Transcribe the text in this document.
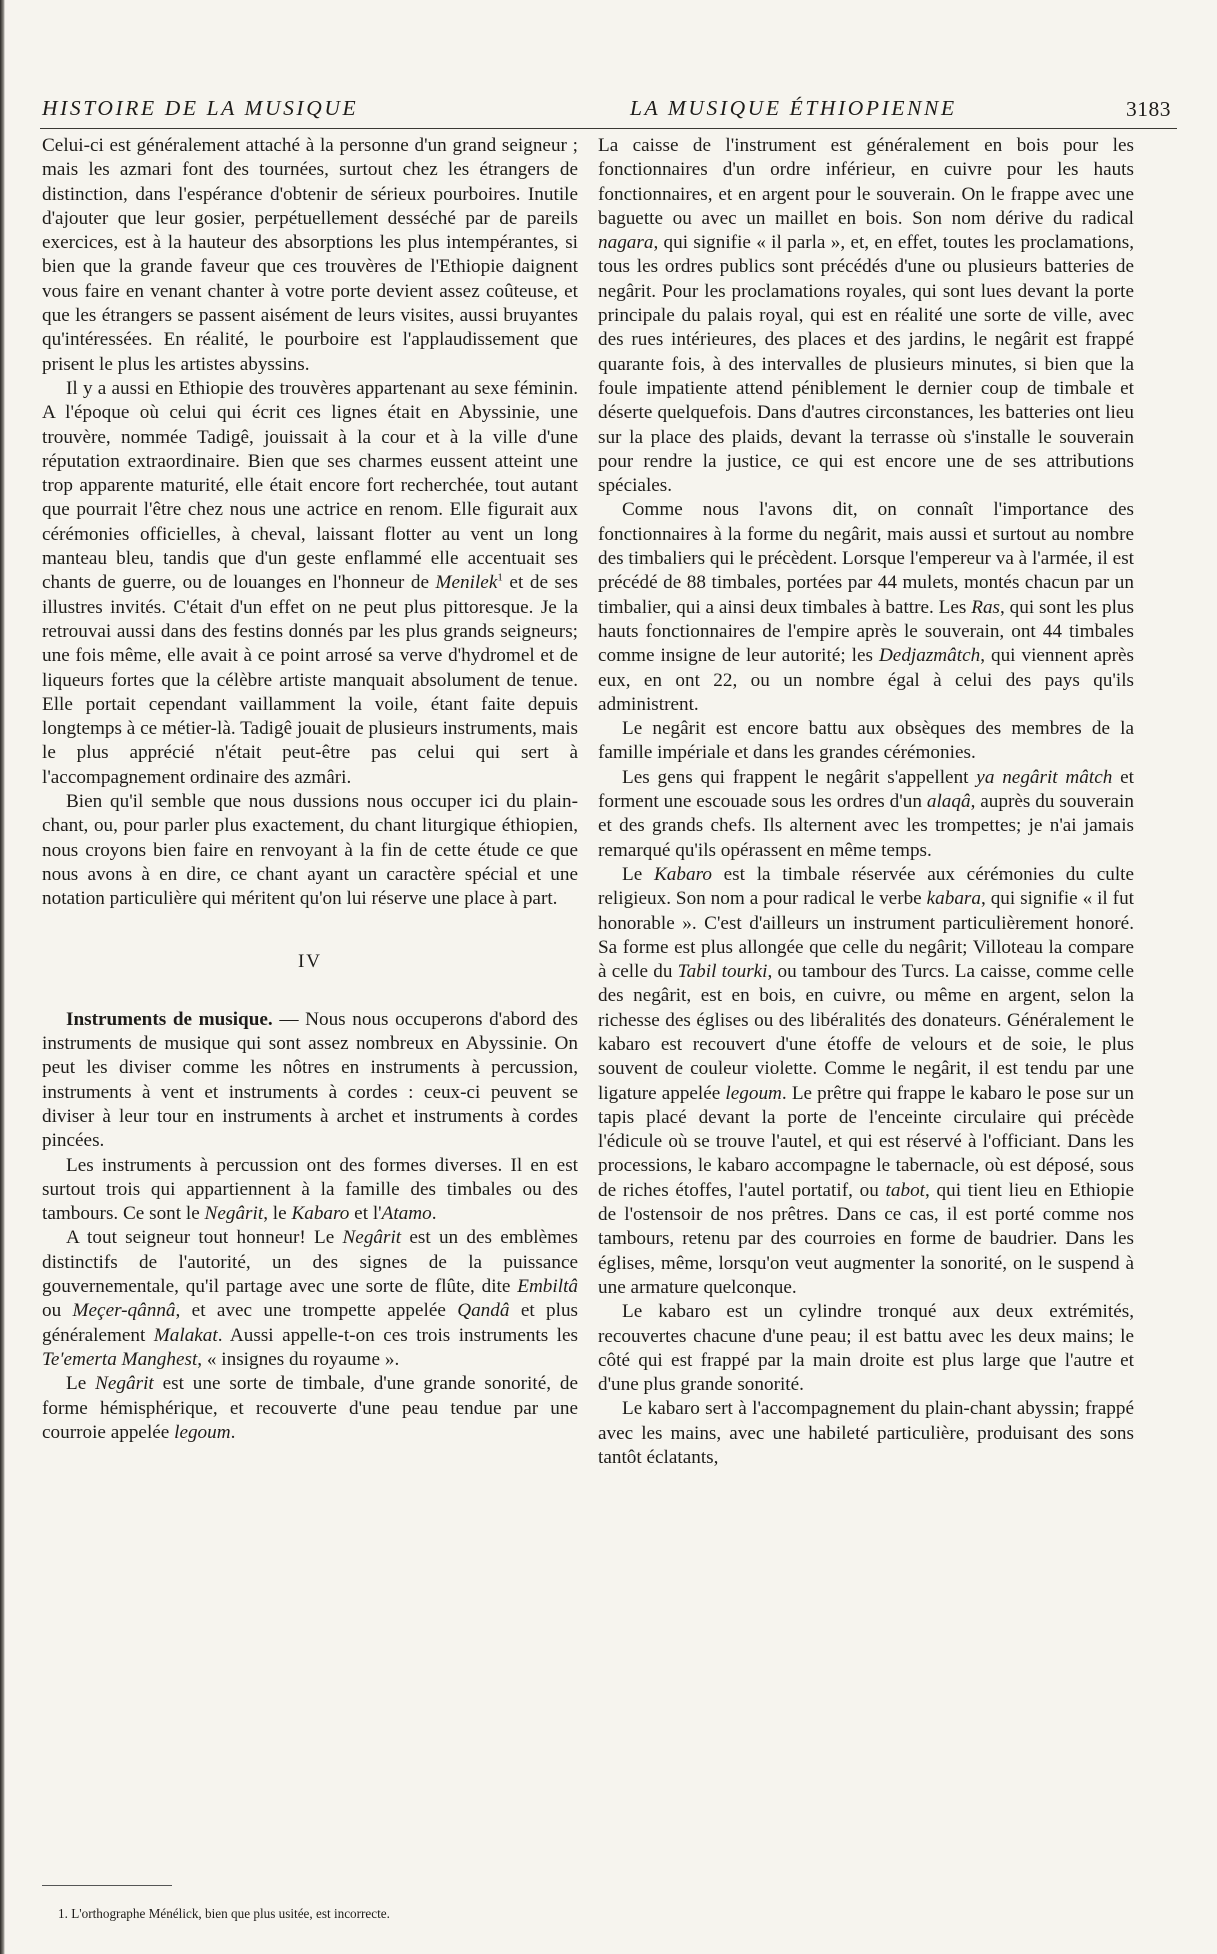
HISTOIRE DE LA MUSIQUE	LA MUSIQUE ÉTHIOPIENNE	3183

Celui-ci est généralement attaché à la personne d'un grand seigneur ; mais les azmari font des tournées, surtout chez les étrangers de distinction, dans l'espérance d'obtenir de sérieux pourboires. Inutile d'ajouter que leur gosier, perpétuellement desséché par de pareils exercices, est à la hauteur des absorptions les plus intempérantes, si bien que la grande faveur que ces trouvères de l'Ethiopie daignent vous faire en venant chanter à votre porte devient assez coûteuse, et que les étrangers se passent aisément de leurs visites, aussi bruyantes qu'intéressées. En réalité, le pourboire est l'applaudissement que prisent le plus les artistes abyssins.

Il y a aussi en Ethiopie des trouvères appartenant au sexe féminin. A l'époque où celui qui écrit ces lignes était en Abyssinie, une trouvère, nommée Tadigê, jouissait à la cour et à la ville d'une réputation extraordinaire. Bien que ses charmes eussent atteint une trop apparente maturité, elle était encore fort recherchée, tout autant que pourrait l'être chez nous une actrice en renom. Elle figurait aux cérémonies officielles, à cheval, laissant flotter au vent un long manteau bleu, tandis que d'un geste enflammé elle accentuait ses chants de guerre, ou de louanges en l'honneur de Menilek$^1$ et de ses illustres invités. C'était d'un effet on ne peut plus pittoresque. Je la retrouvai aussi dans des festins donnés par les plus grands seigneurs; une fois même, elle avait à ce point arrosé sa verve d'hydromel et de liqueurs fortes que la célèbre artiste manquait absolument de tenue. Elle portait cependant vaillamment la voile, étant faite depuis longtemps à ce métier-là. Tadigê jouait de plusieurs instruments, mais le plus apprécié n'était peut-être pas celui qui sert à l'accompagnement ordinaire des azmâri.

Bien qu'il semble que nous dussions nous occuper ici du plain-chant, ou, pour parler plus exactement, du chant liturgique éthiopien, nous croyons bien faire en renvoyant à la fin de cette étude ce que nous avons à en dire, ce chant ayant un caractère spécial et une notation particulière qui méritent qu'on lui réserve une place à part.

IV

Instruments de musique. — Nous nous occuperons d'abord des instruments de musique qui sont assez nombreux en Abyssinie. On peut les diviser comme les nôtres en instruments à percussion, instruments à vent et instruments à cordes : ceux-ci peuvent se diviser à leur tour en instruments à archet et instruments à cordes pincées.

Les instruments à percussion ont des formes diverses. Il en est surtout trois qui appartiennent à la famille des timbales ou des tambours. Ce sont le Negârit, le Kabaro et l'Atamo.

A tout seigneur tout honneur! Le Negârit est un des emblèmes distinctifs de l'autorité, un des signes de la puissance gouvernementale, qu'il partage avec une sorte de flûte, dite Embiltâ ou Meçer-qânnâ, et avec une trompette appelée Qandâ et plus généralement Malakat. Aussi appelle-t-on ces trois instruments les Te'emerta Manghest, « insignes du royaume ».

Le Negârit est une sorte de timbale, d'une grande sonorité, de forme hémisphérique, et recouverte d'une peau tendue par une courroie appelée legoum.

La caisse de l'instrument est généralement en bois pour les fonctionnaires d'un ordre inférieur, en cuivre pour les hauts fonctionnaires, et en argent pour le souverain. On le frappe avec une baguette ou avec un maillet en bois. Son nom dérive du radical nagara, qui signifie « il parla », et, en effet, toutes les proclamations, tous les ordres publics sont précédés d'une ou plusieurs batteries de negârit. Pour les proclamations royales, qui sont lues devant la porte principale du palais royal, qui est en réalité une sorte de ville, avec des rues intérieures, des places et des jardins, le negârit est frappé quarante fois, à des intervalles de plusieurs minutes, si bien que la foule impatiente attend péniblement le dernier coup de timbale et déserte quelquefois. Dans d'autres circonstances, les batteries ont lieu sur la place des plaids, devant la terrasse où s'installe le souverain pour rendre la justice, ce qui est encore une de ses attributions spéciales.

Comme nous l'avons dit, on connaît l'importance des fonctionnaires à la forme du negârit, mais aussi et surtout au nombre des timbaliers qui le précèdent. Lorsque l'empereur va à l'armée, il est précédé de 88 timbales, portées par 44 mulets, montés chacun par un timbalier, qui a ainsi deux timbales à battre. Les Ras, qui sont les plus hauts fonctionnaires de l'empire après le souverain, ont 44 timbales comme insigne de leur autorité; les Dedjazmâtch, qui viennent après eux, en ont 22, ou un nombre égal à celui des pays qu'ils administrent.

Le negârit est encore battu aux obsèques des membres de la famille impériale et dans les grandes cérémonies.

Les gens qui frappent le negârit s'appellent ya negârit mâtch et forment une escouade sous les ordres d'un alaqâ, auprès du souverain et des grands chefs. Ils alternent avec les trompettes; je n'ai jamais remarqué qu'ils opérassent en même temps.

Le Kabaro est la timbale réservée aux cérémonies du culte religieux. Son nom a pour radical le verbe kabara, qui signifie « il fut honorable ». C'est d'ailleurs un instrument particulièrement honoré. Sa forme est plus allongée que celle du negârit; Villoteau la compare à celle du Tabil tourki, ou tambour des Turcs. La caisse, comme celle des negârit, est en bois, en cuivre, ou même en argent, selon la richesse des églises ou des libéralités des donateurs. Généralement le kabaro est recouvert d'une étoffe de velours et de soie, le plus souvent de couleur violette. Comme le negârit, il est tendu par une ligature appelée legoum. Le prêtre qui frappe le kabaro le pose sur un tapis placé devant la porte de l'enceinte circulaire qui précède l'édicule où se trouve l'autel, et qui est réservé à l'officiant. Dans les processions, le kabaro accompagne le tabernacle, où est déposé, sous de riches étoffes, l'autel portatif, ou tabot, qui tient lieu en Ethiopie de l'ostensoir de nos prêtres. Dans ce cas, il est porté comme nos tambours, retenu par des courroies en forme de baudrier. Dans les églises, même, lorsqu'on veut augmenter la sonorité, on le suspend à une armature quelconque.

Le kabaro est un cylindre tronqué aux deux extrémités, recouvertes chacune d'une peau; il est battu avec les deux mains; le côté qui est frappé par la main droite est plus large que l'autre et d'une plus grande sonorité.

Le kabaro sert à l'accompagnement du plain-chant abyssin; frappé avec les mains, avec une habileté particulière, produisant des sons tantôt éclatants,

1. L'orthographe Ménélick, bien que plus usitée, est incorrecte.
